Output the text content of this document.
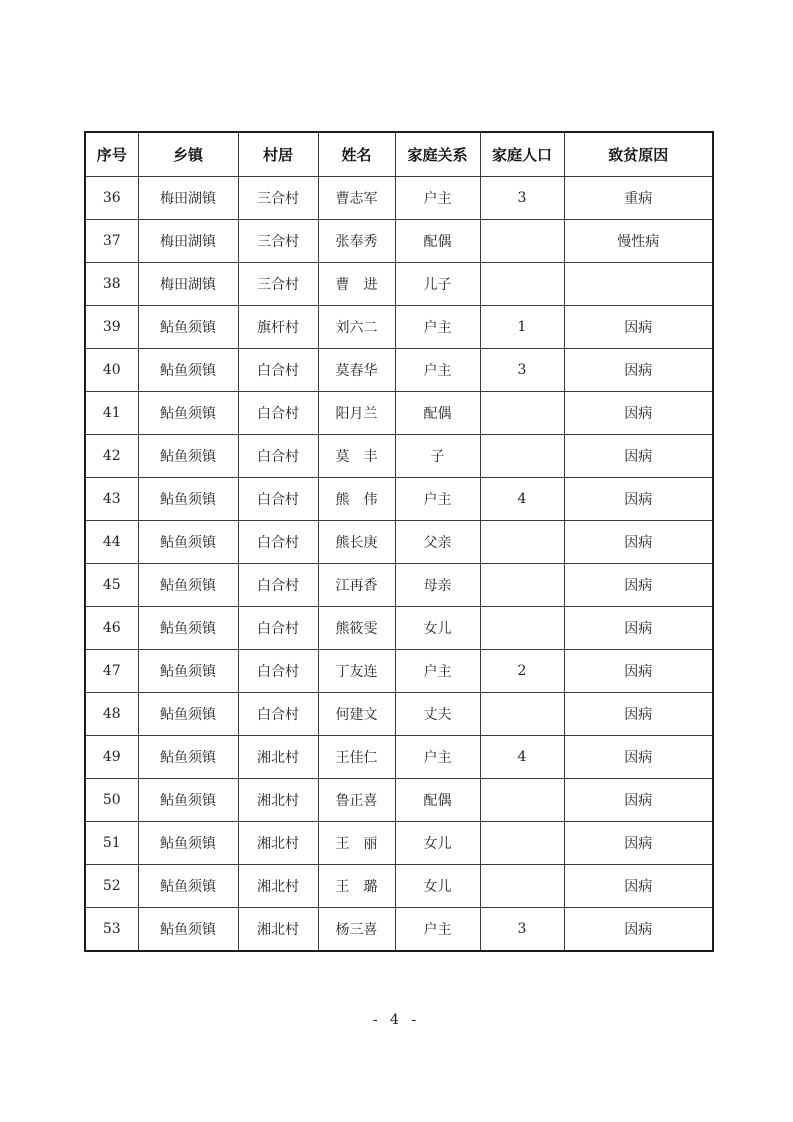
序号	乡镇	村居	姓名	家庭关系	家庭人口	致贫原因
36	梅田湖镇	三合村	曹志军	户主	3	重病
37	梅田湖镇	三合村	张奉秀	配偶		慢性病
38	梅田湖镇	三合村	曹　进	儿子		
39	鲇鱼须镇	旗杆村	刘六二	户主	1	因病
40	鲇鱼须镇	白合村	莫春华	户主	3	因病
41	鲇鱼须镇	白合村	阳月兰	配偶		因病
42	鲇鱼须镇	白合村	莫　丰	子		因病
43	鲇鱼须镇	白合村	熊　伟	户主	4	因病
44	鲇鱼须镇	白合村	熊长庚	父亲		因病
45	鲇鱼须镇	白合村	江再香	母亲		因病
46	鲇鱼须镇	白合村	熊筱雯	女儿		因病
47	鲇鱼须镇	白合村	丁友连	户主	2	因病
48	鲇鱼须镇	白合村	何建文	丈夫		因病
49	鲇鱼须镇	湘北村	王佳仁	户主	4	因病
50	鲇鱼须镇	湘北村	鲁正喜	配偶		因病
51	鲇鱼须镇	湘北村	王　丽	女儿		因病
52	鲇鱼须镇	湘北村	王　璐	女儿		因病
53	鲇鱼须镇	湘北村	杨三喜	户主	3	因病
- 4 -
